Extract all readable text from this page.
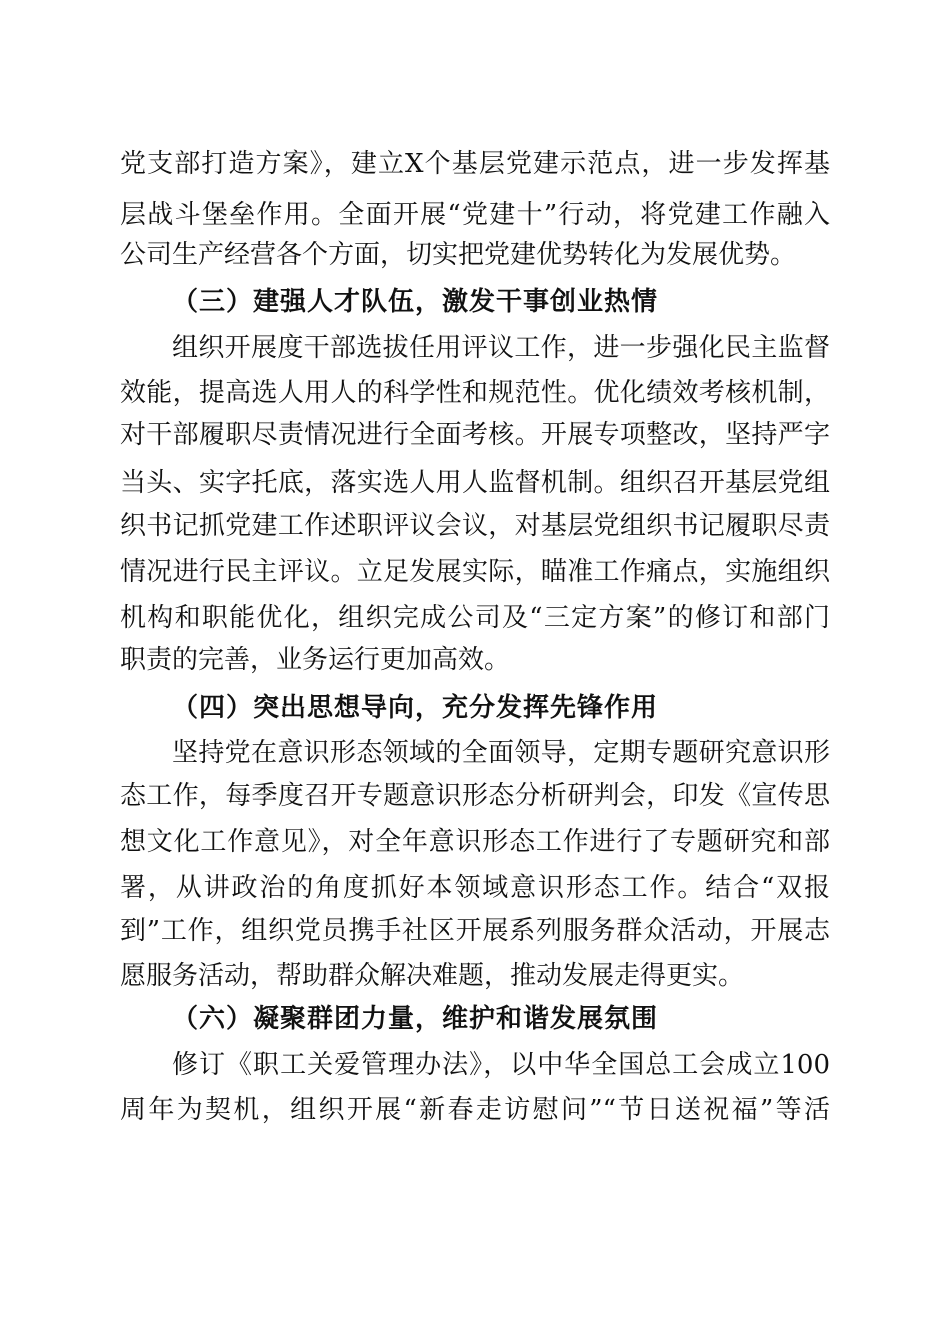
党支部打造方案》，建立X个基层党建示范点，进一步发挥基
层战斗堡垒作用。全面开展“党建十”行动，将党建工作融入
公司生产经营各个方面，切实把党建优势转化为发展优势。
（三）建强人才队伍，激发干事创业热情
组织开展度干部选拔任用评议工作，进一步强化民主监督
效能，提高选人用人的科学性和规范性。优化绩效考核机制，
对干部履职尽责情况进行全面考核。开展专项整改，坚持严字
当头、实字托底，落实选人用人监督机制。组织召开基层党组
织书记抓党建工作述职评议会议，对基层党组织书记履职尽责
情况进行民主评议。立足发展实际，瞄准工作痛点，实施组织
机构和职能优化，组织完成公司及“三定方案”的修订和部门
职责的完善，业务运行更加高效。
（四）突出思想导向，充分发挥先锋作用
坚持党在意识形态领域的全面领导，定期专题研究意识形
态工作，每季度召开专题意识形态分析研判会，印发《宣传思
想文化工作意见》，对全年意识形态工作进行了专题研究和部
署，从讲政治的角度抓好本领域意识形态工作。结合“双报
到”工作，组织党员携手社区开展系列服务群众活动，开展志
愿服务活动，帮助群众解决难题，推动发展走得更实。
（六）凝聚群团力量，维护和谐发展氛围
修订《职工关爱管理办法》，以中华全国总工会成立100
周年为契机，组织开展“新春走访慰问”“节日送祝福”等活
